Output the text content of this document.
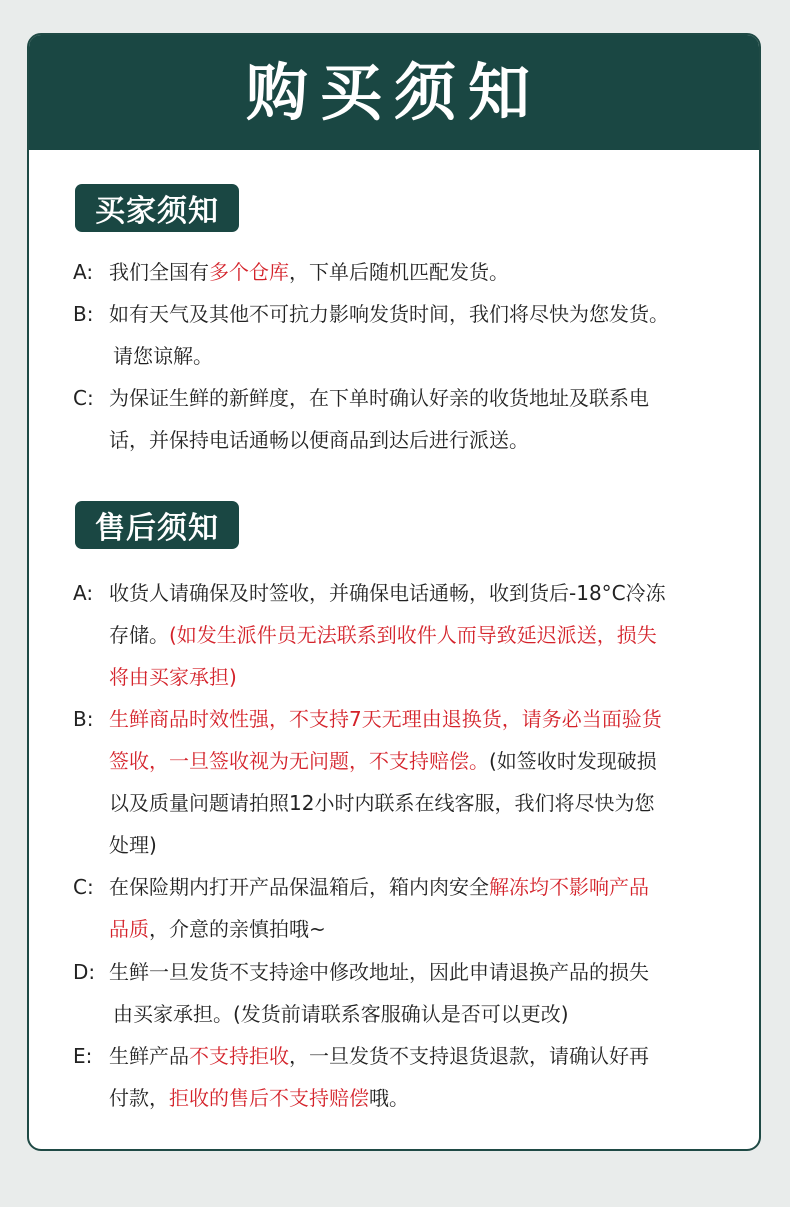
购买须知
买家须知
A: 我们全国有多个仓库，下单后随机匹配发货。
B: 如有天气及其他不可抗力影响发货时间，我们将尽快为您发货。
请您谅解。
C: 为保证生鲜的新鲜度，在下单时确认好亲的收货地址及联系电
话，并保持电话通畅以便商品到达后进行派送。
售后须知
A: 收货人请确保及时签收，并确保电话通畅，收到货后-18°C冷冻
存储。(如发生派件员无法联系到收件人而导致延迟派送，损失
将由买家承担)
B: 生鲜商品时效性强，不支持7天无理由退换货，请务必当面验货
签收，一旦签收视为无问题，不支持赔偿。(如签收时发现破损
以及质量问题请拍照12小时内联系在线客服，我们将尽快为您
处理)
C: 在保险期内打开产品保温箱后，箱内肉安全解冻均不影响产品
品质，介意的亲慎拍哦~
D: 生鲜一旦发货不支持途中修改地址，因此申请退换产品的损失
由买家承担。(发货前请联系客服确认是否可以更改)
E: 生鲜产品不支持拒收，一旦发货不支持退货退款，请确认好再
付款，拒收的售后不支持赔偿哦。
